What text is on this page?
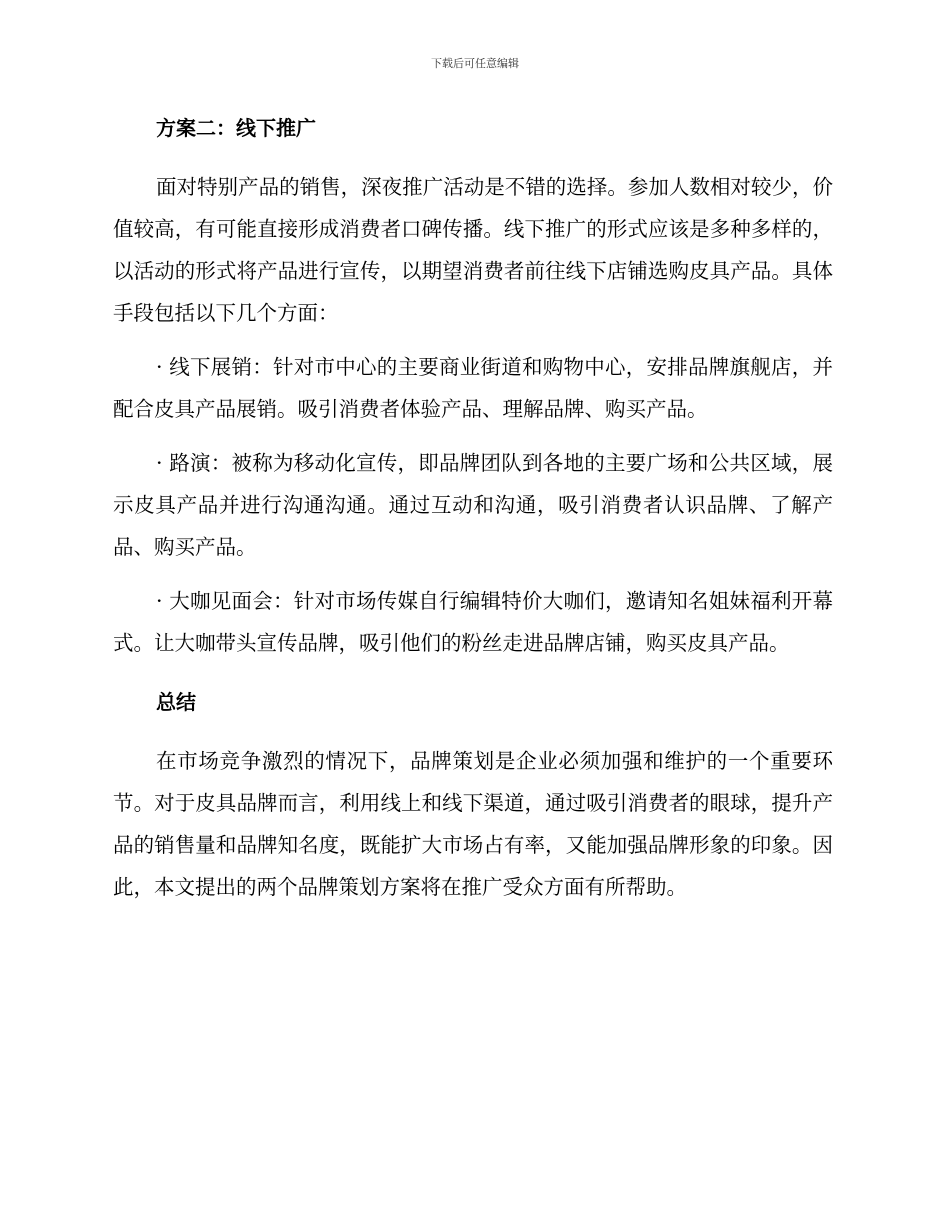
下载后可任意编辑
方案二：线下推广

面对特别产品的销售，深夜推广活动是不错的选择。参加人数相对较少，价值较高，有可能直接形成消费者口碑传播。线下推广的形式应该是多种多样的，以活动的形式将产品进行宣传，以期望消费者前往线下店铺选购皮具产品。具体手段包括以下几个方面：

· 线下展销：针对市中心的主要商业街道和购物中心，安排品牌旗舰店，并配合皮具产品展销。吸引消费者体验产品、理解品牌、购买产品。

· 路演：被称为移动化宣传，即品牌团队到各地的主要广场和公共区域，展示皮具产品并进行沟通沟通。通过互动和沟通，吸引消费者认识品牌、了解产品、购买产品。

· 大咖见面会：针对市场传媒自行编辑特价大咖们，邀请知名姐妹福利开幕式。让大咖带头宣传品牌，吸引他们的粉丝走进品牌店铺，购买皮具产品。

总结

在市场竞争激烈的情况下，品牌策划是企业必须加强和维护的一个重要环节。对于皮具品牌而言，利用线上和线下渠道，通过吸引消费者的眼球，提升产品的销售量和品牌知名度，既能扩大市场占有率，又能加强品牌形象的印象。因此，本文提出的两个品牌策划方案将在推广受众方面有所帮助。
